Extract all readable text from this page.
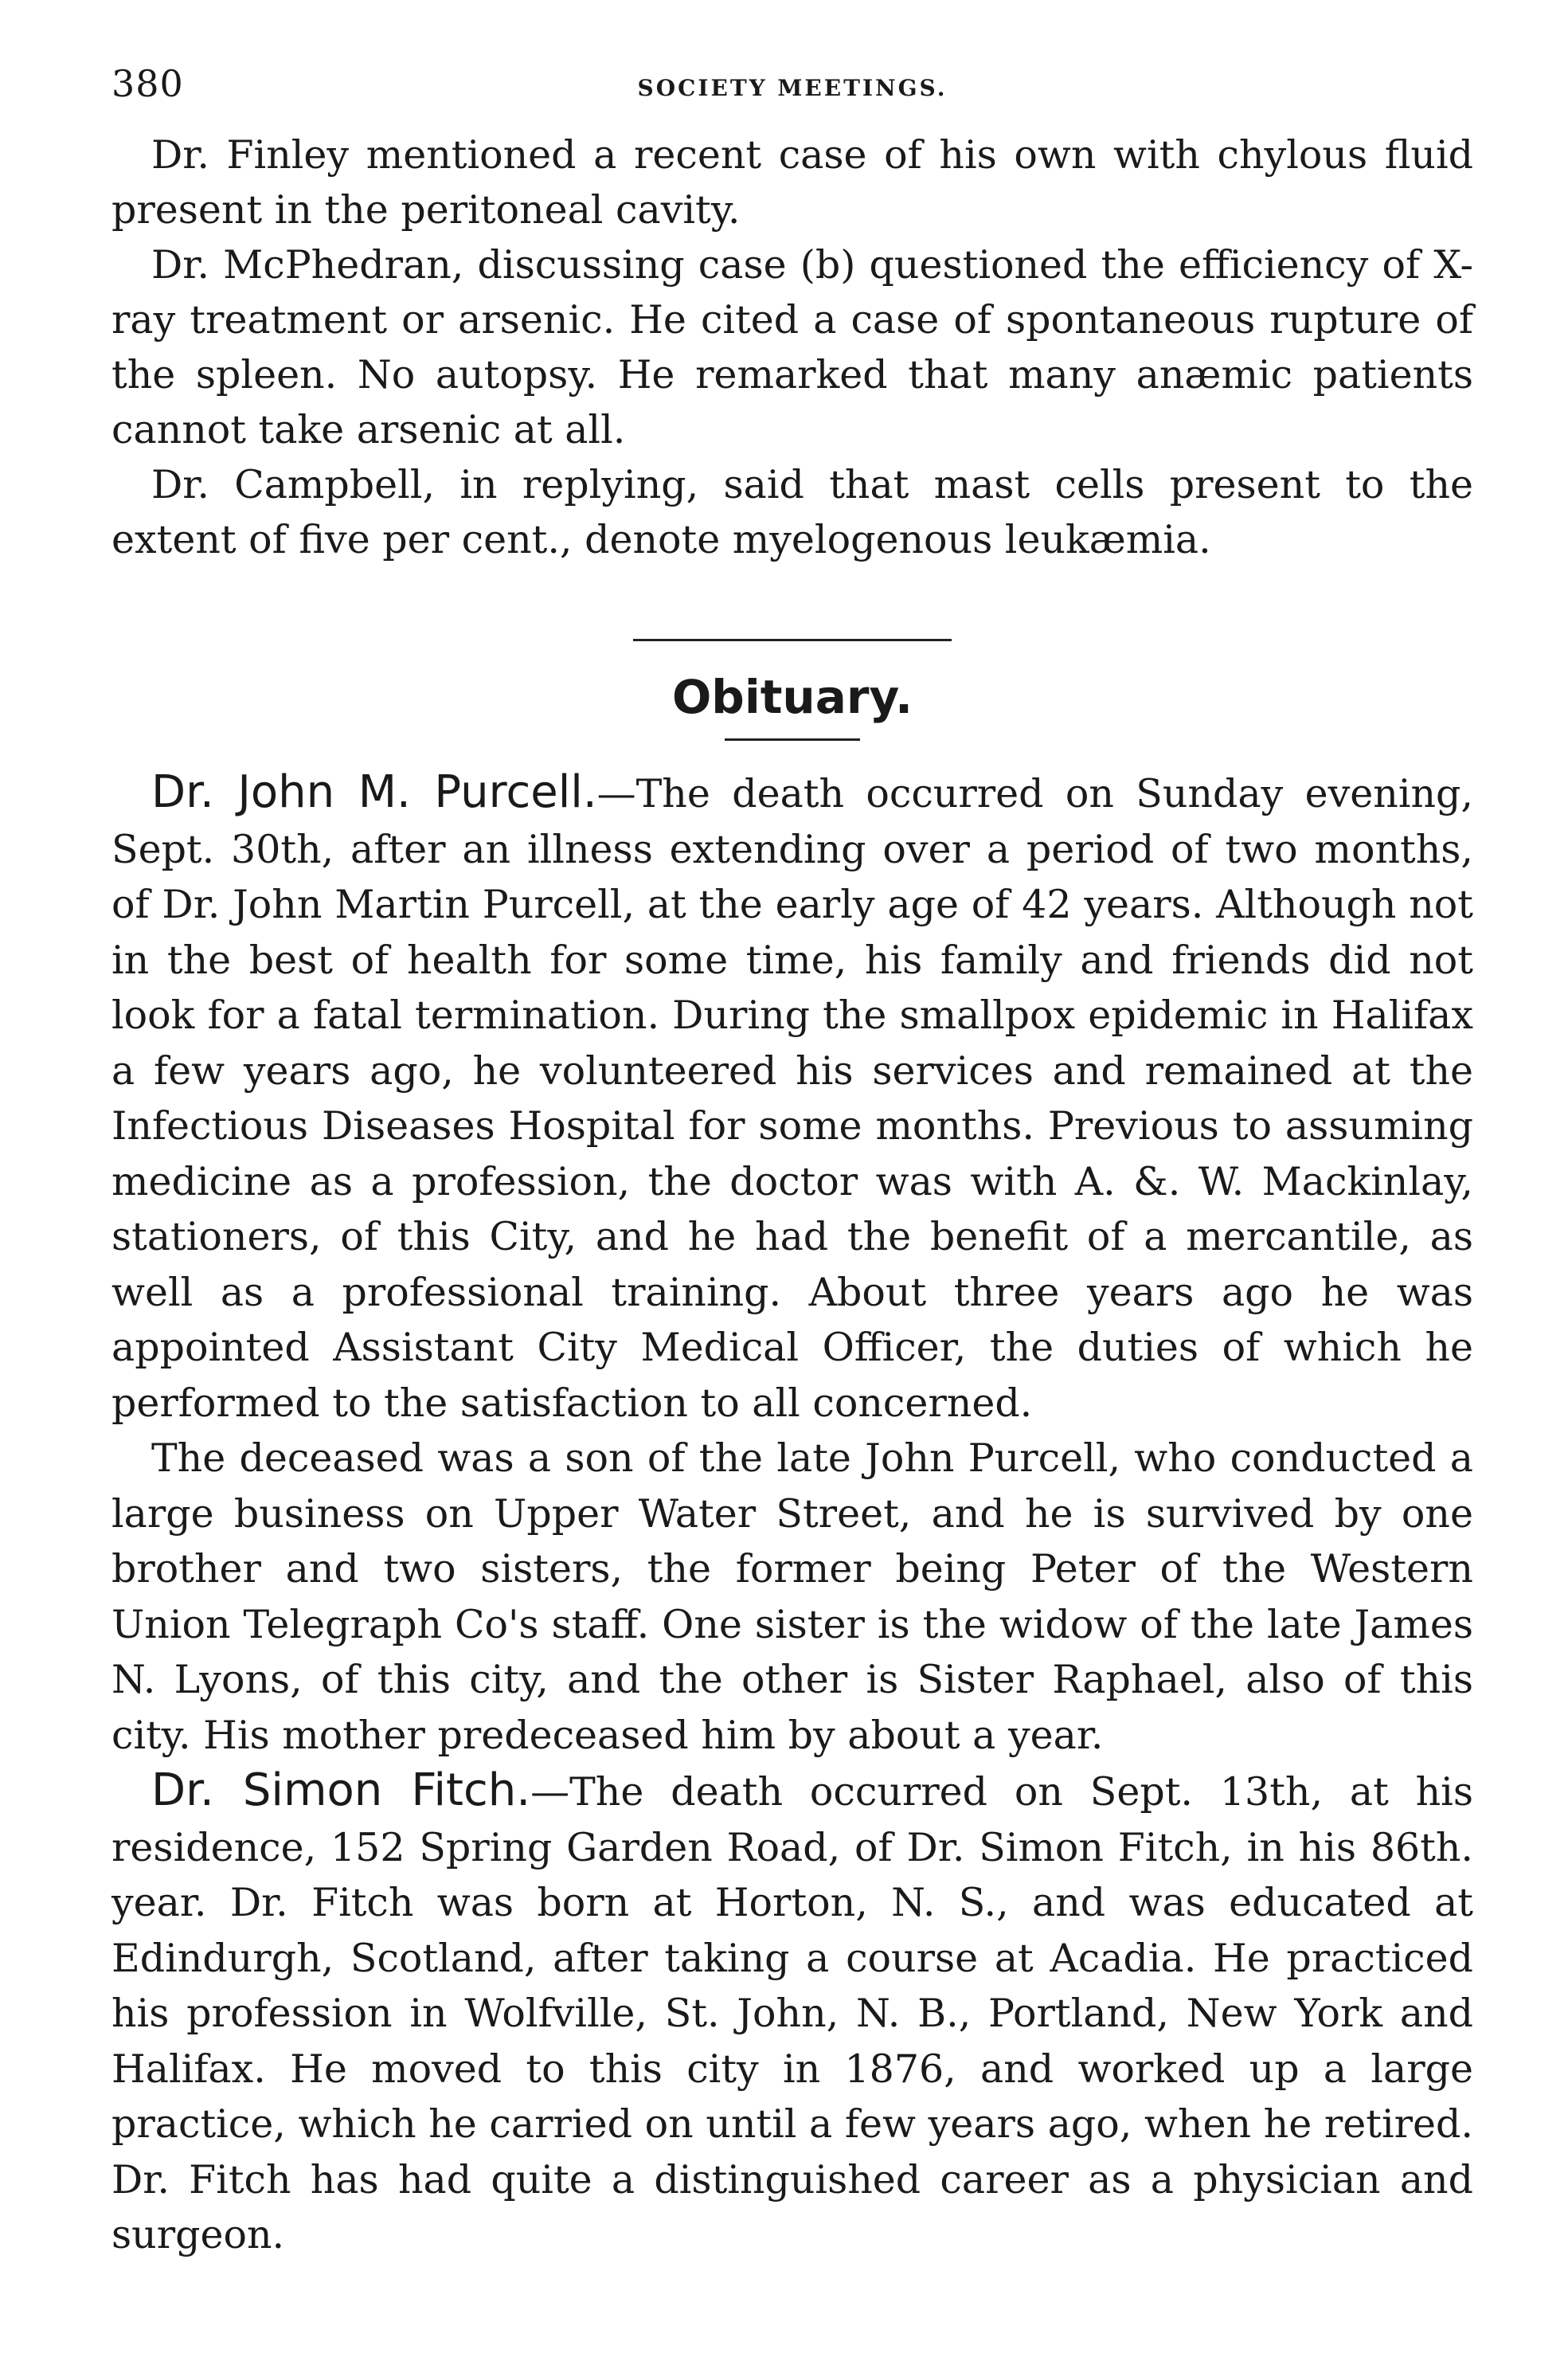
380	SOCIETY MEETINGS.

Dr. Finley mentioned a recent case of his own with chylous fluid present in the peritoneal cavity.

Dr. McPhedran, discussing case (b) questioned the efficiency of X-ray treatment or arsenic. He cited a case of spontaneous rupture of the spleen. No autopsy. He remarked that many anæmic patients cannot take arsenic at all.

Dr. Campbell, in replying, said that mast cells present to the extent of five per cent., denote myelogenous leukæmia.

Obituary.

Dr. John M. Purcell.—The death occurred on Sunday evening, Sept. 30th, after an illness extending over a period of two months, of Dr. John Martin Purcell, at the early age of 42 years. Although not in the best of health for some time, his family and friends did not look for a fatal termination. During the smallpox epidemic in Halifax a few years ago, he volunteered his services and remained at the Infectious Diseases Hospital for some months. Previous to assuming medicine as a profession, the doctor was with A. &. W. Mackinlay, stationers, of this City, and he had the benefit of a mercantile, as well as a professional training. About three years ago he was appointed Assistant City Medical Officer, the duties of which he performed to the satisfaction to all concerned.

The deceased was a son of the late John Purcell, who conducted a large business on Upper Water Street, and he is survived by one brother and two sisters, the former being Peter of the Western Union Telegraph Co's staff. One sister is the widow of the late James N. Lyons, of this city, and the other is Sister Raphael, also of this city. His mother predeceased him by about a year.

Dr. Simon Fitch.—The death occurred on Sept. 13th, at his residence, 152 Spring Garden Road, of Dr. Simon Fitch, in his 86th. year. Dr. Fitch was born at Horton, N. S., and was educated at Edindurgh, Scotland, after taking a course at Acadia. He practiced his profession in Wolfville, St. John, N. B., Portland, New York and Halifax. He moved to this city in 1876, and worked up a large practice, which he carried on until a few years ago, when he retired. Dr. Fitch has had quite a distinguished career as a physician and surgeon.
